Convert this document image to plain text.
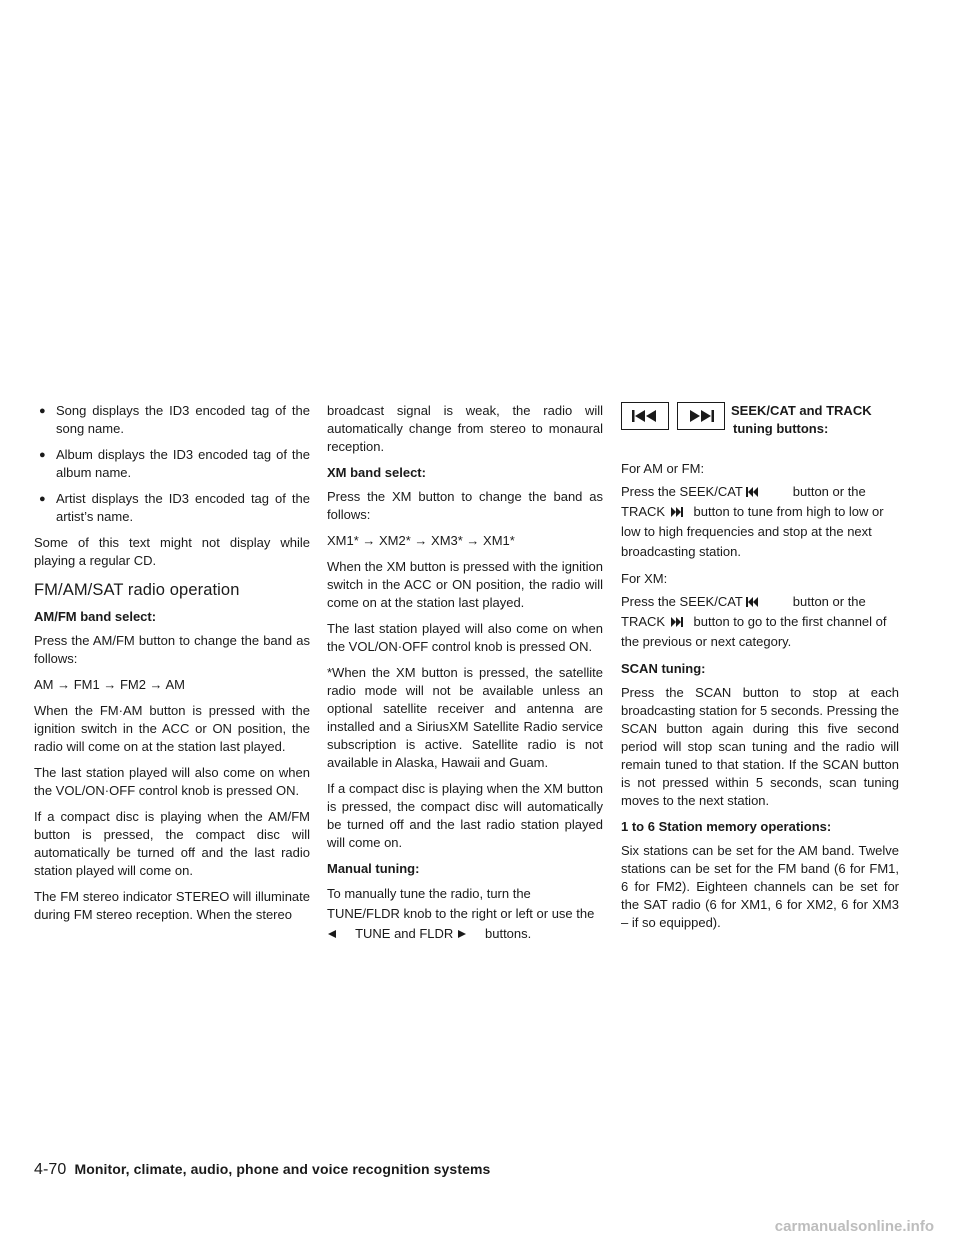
● Song displays the ID3 encoded tag of the song name.
● Album displays the ID3 encoded tag of the album name.
● Artist displays the ID3 encoded tag of the artist’s name.

Some of this text might not display while playing a regular CD.

FM/AM/SAT radio operation
AM/FM band select:

Press the AM/FM button to change the band as follows:

AM → FM1 → FM2 → AM

When the FM·AM button is pressed with the ignition switch in the ACC or ON position, the radio will come on at the station last played.

The last station played will also come on when the VOL/ON·OFF control knob is pressed ON.

If a compact disc is playing when the AM/FM button is pressed, the compact disc will automatically be turned off and the last radio station played will come on.

The FM stereo indicator STEREO will illuminate during FM stereo reception. When the stereo

broadcast signal is weak, the radio will automatically change from stereo to monaural reception.

XM band select:

Press the XM button to change the band as follows:

XM1* → XM2* → XM3* → XM1*

When the XM button is pressed with the ignition switch in the ACC or ON position, the radio will come on at the station last played.

The last station played will also come on when the VOL/ON·OFF control knob is pressed ON.

*When the XM button is pressed, the satellite radio mode will not be available unless an optional satellite receiver and antenna are installed and a SiriusXM Satellite Radio service subscription is active. Satellite radio is not available in Alaska, Hawaii and Guam.

If a compact disc is playing when the XM button is pressed, the compact disc will automatically be turned off and the last radio station played will come on.

Manual tuning:

To manually tune the radio, turn the TUNE/FLDR knob to the right or left or use the      TUNE and FLDR buttons.

SEEK/CAT and TRACK
tuning buttons:

For AM or FM:

Press the SEEK/CAT	button or the TRACK button to tune from high to low or low to high frequencies and stop at the next broadcasting station.

For XM:

Press the SEEK/CAT	button or the TRACK button to go to the first channel of the previous or next category.

SCAN tuning:

Press the SCAN button to stop at each broadcasting station for 5 seconds. Pressing the SCAN button again during this five second period will stop scan tuning and the radio will remain tuned to that station. If the SCAN button is not pressed within 5 seconds, scan tuning moves to the next station.

1 to 6 Station memory operations:

Six stations can be set for the AM band. Twelve stations can be set for the FM band (6 for FM1, 6 for FM2). Eighteen channels can be set for the SAT radio (6 for XM1, 6 for XM2, 6 for XM3 – if so equipped).

4-70 Monitor, climate, audio, phone and voice recognition systems
carmanualsonline.info
